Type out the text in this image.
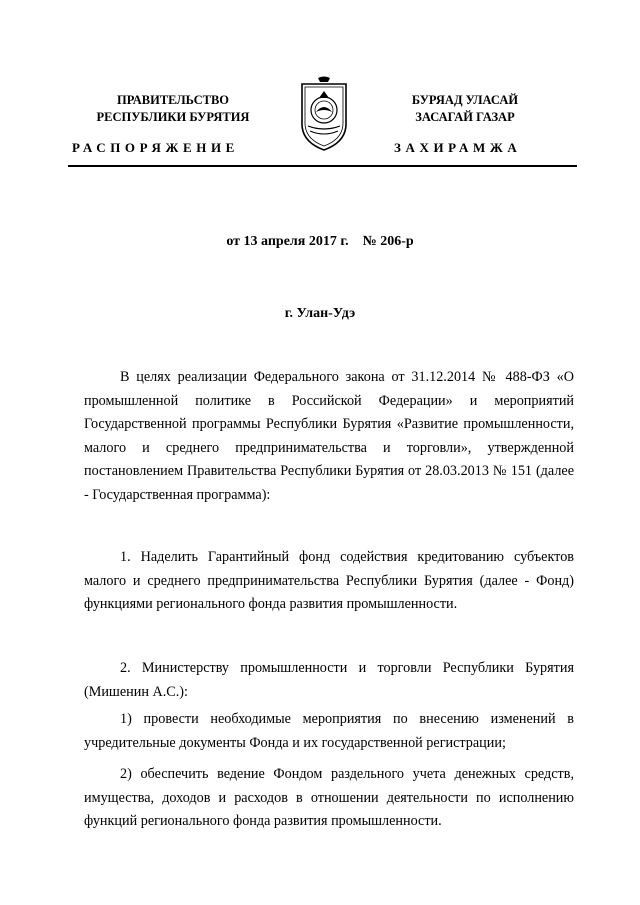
ПРАВИТЕЛЬСТВО
РЕСПУБЛИКИ БУРЯТИЯ
БУРЯАД УЛАСАЙ
ЗАСАГАЙ ГАЗАР
РАСПОРЯЖЕНИЕ	ЗАХИРАМЖА
от 13 апреля 2017 г. № 206-р
г. Улан-Удэ
В целях реализации Федерального закона от 31.12.2014 № 488-ФЗ «О промышленной политике в Российской Федерации» и мероприятий Государственной программы Республики Бурятия «Развитие промышленности, малого и среднего предпринимательства и торговли», утвержденной постановлением Правительства Республики Бурятия от 28.03.2013 № 151 (далее - Государственная программа):
1. Наделить Гарантийный фонд содействия кредитованию субъектов малого и среднего предпринимательства Республики Бурятия (далее - Фонд) функциями регионального фонда развития промышленности.
2. Министерству промышленности и торговли Республики Бурятия (Мишенин А.С.):
1) провести необходимые мероприятия по внесению изменений в учредительные документы Фонда и их государственной регистрации;
2) обеспечить ведение Фондом раздельного учета денежных средств, имущества, доходов и расходов в отношении деятельности по исполнению функций регионального фонда развития промышленности.
